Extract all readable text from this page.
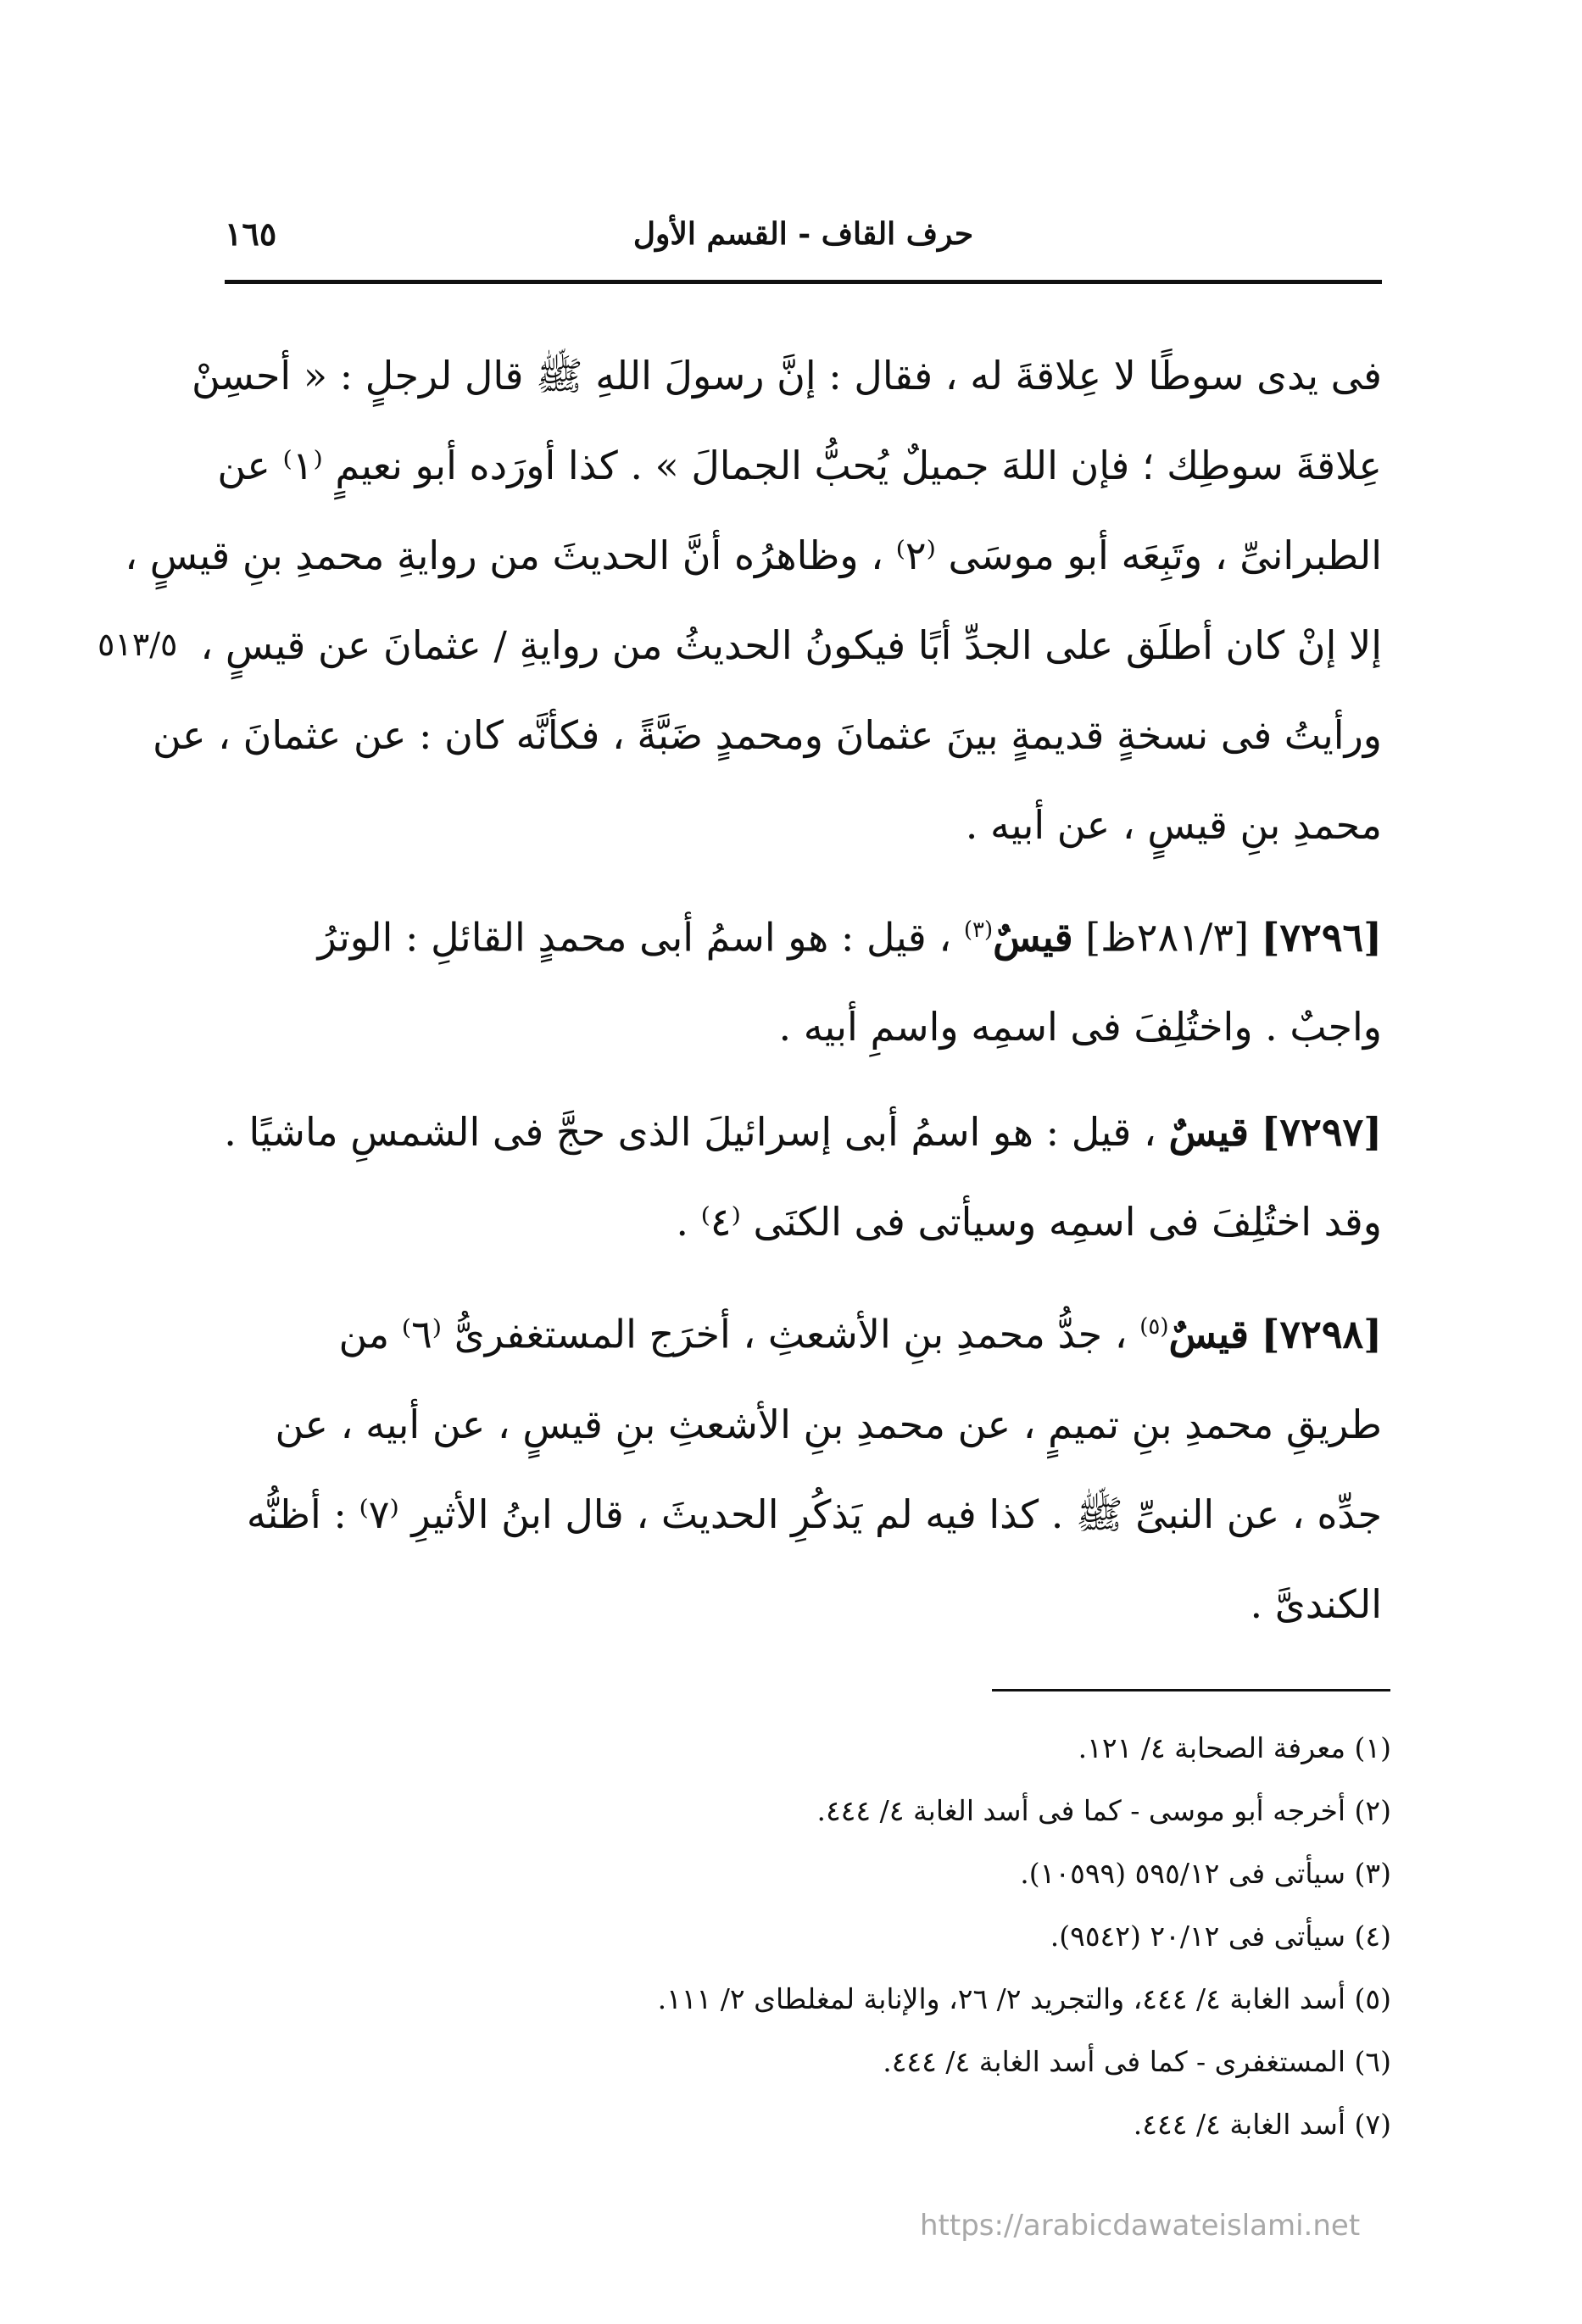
حرف القاف - القسم الأول
١٦٥
٥١٣/٥
فى يدى سوطًا لا عِلاقةَ له ، فقال : إنَّ رسولَ اللهِ ﷺ قال لرجلٍ : « أحسِنْ
عِلاقةَ سوطِك ؛ فإن اللهَ جميلٌ يُحبُّ الجمالَ » . كذا أورَده أبو نعيمٍ ⁽١⁾ عن
الطبرانىِّ ، وتَبِعَه أبو موسَى ⁽٢⁾ ، وظاهرُه أنَّ الحديثَ من روايةِ محمدِ بنِ قيسٍ ،
إلا إنْ كان أطلَق على الجدِّ أبًا فيكونُ الحديثُ من روايةِ / عثمانَ عن قيسٍ ،
ورأيتُ فى نسخةٍ قديمةٍ بينَ عثمانَ ومحمدٍ ضَبَّةً ، فكأنَّه كان : عن عثمانَ ، عن
محمدِ بنِ قيسٍ ، عن أبيه .
[٧٢٩٦] [٢٨١/٣ظ] قيسٌ$^{(٣)}$ ، قيل : هو اسمُ أبى محمدٍ القائلِ : الوترُ
واجبٌ . واختُلِفَ فى اسمِه واسمِ أبيه .
[٧٢٩٧] قيسٌ ، قيل : هو اسمُ أبى إسرائيلَ الذى حجَّ فى الشمسِ ماشيًا .
وقد اختُلِفَ فى اسمِه وسيأتى فى الكنَى ⁽٤⁾ .
[٧٢٩٨] قيسٌ$^{(٥)}$ ، جدُّ محمدِ بنِ الأشعثِ ، أخرَج المستغفرىُّ ⁽٦⁾ من
طريقِ محمدِ بنِ تميمٍ ، عن محمدِ بنِ الأشعثِ بنِ قيسٍ ، عن أبيه ، عن
جدِّه ، عن النبىِّ ﷺ . كذا فيه لم يَذكُرِ الحديثَ ، قال ابنُ الأثيرِ ⁽٧⁾ : أظنُّه
الكندىَّ .
(١) معرفة الصحابة ٤/ ١٢١.
(٢) أخرجه أبو موسى - كما فى أسد الغابة ٤/ ٤٤٤.
(٣) سيأتى فى ٥٩٥/١٢ (١٠٥٩٩).
(٤) سيأتى فى ٢٠/١٢ (٩٥٤٢).
(٥) أسد الغابة ٤/ ٤٤٤، والتجريد ٢/ ٢٦، والإنابة لمغلطاى ٢/ ١١١.
(٦) المستغفرى - كما فى أسد الغابة ٤/ ٤٤٤.
(٧) أسد الغابة ٤/ ٤٤٤.
https://arabicdawateislami.net
